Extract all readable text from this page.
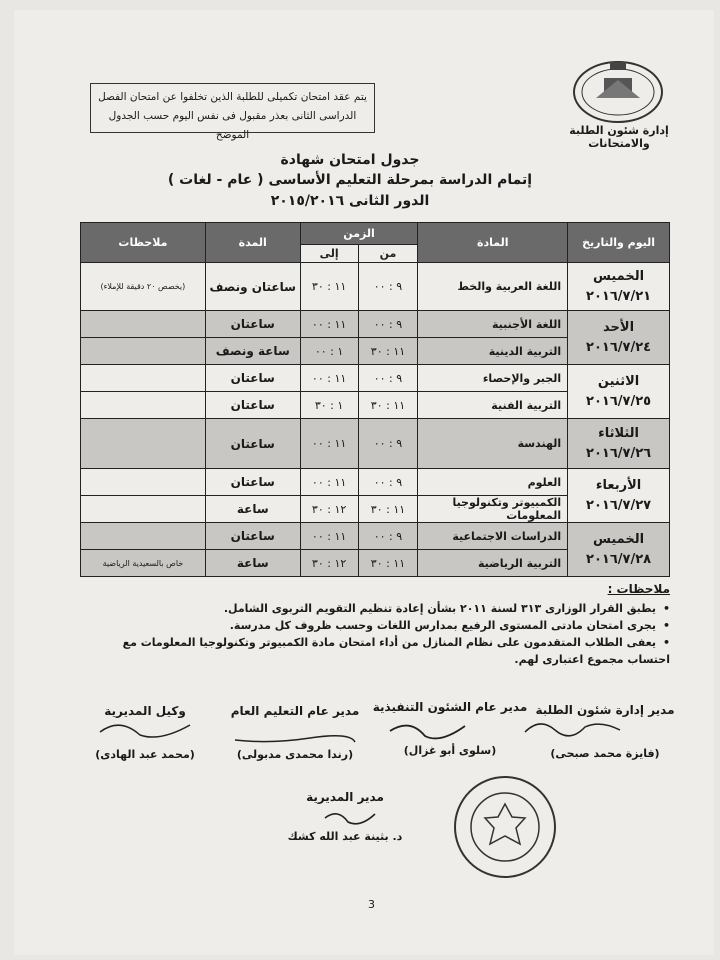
يتم عقد امتحان تكميلى للطلبة الذين تخلفوا عن امتحان الفصل الدراسى الثانى بعذر مقبول فى نفس اليوم حسب الجدول الموضح	إدارة شئون الطلبة والامتحانات
جدول امتحان شهادة
إتمام الدراسة بمرحلة التعليم الأساسى ( عام - لغات )
الدور الثانى ٢٠١٥/٢٠١٦
اليوم والتاريخ	المادة	الزمن		المدة	ملاحظات
		من	إلى		

الخميس
٢٠١٦/٧/٢١	اللغة العربية والخط	٩ : ٠٠	١١ : ٣٠	ساعتان ونصف	(يخصص ٢٠ دقيقة للإملاء)

الأحد
٢٠١٦/٧/٢٤	اللغة الأجنبية	٩ : ٠٠	١١ : ٠٠	ساعتان	
	التربية الدينية	١١ : ٣٠	١ : ٠٠	ساعة ونصف	

الاثنين
٢٠١٦/٧/٢٥	الجبر والإحصاء	٩ : ٠٠	١١ : ٠٠	ساعتان	
	التربية الفنية	١١ : ٣٠	١ : ٣٠	ساعتان	

الثلاثاء
٢٠١٦/٧/٢٦	الهندسة	٩ : ٠٠	١١ : ٠٠	ساعتان	

الأربعاء
٢٠١٦/٧/٢٧	العلوم	٩ : ٠٠	١١ : ٠٠	ساعتان	
	الكمبيوتر وتكنولوجيا المعلومات	١١ : ٣٠	١٢ : ٣٠	ساعة	

الخميس
٢٠١٦/٧/٢٨	الدراسات الاجتماعية	٩ : ٠٠	١١ : ٠٠	ساعتان	
	التربية الرياضية	١١ : ٣٠	١٢ : ٣٠	ساعة	خاص بالسعيدية الرياضية
ملاحظات :
•يطبق القرار الوزارى ٣١٣ لسنة ٢٠١١ بشأن إعادة تنظيم التقويم التربوى الشامل.
•يجرى امتحان مادتى المستوى الرفيع بمدارس اللغات وحسب ظروف كل مدرسة.
•يعفى الطلاب المتقدمون على نظام المنازل من أداء امتحان مادة الكمبيوتر وتكنولوجيا المعلومات مع احتساب مجموع اعتبارى لهم.
مدير إدارة شئون الطلبة
(فايزة محمد صبحى)
مدير عام الشئون التنفيذية
(سلوى أبو غزال)
مدير عام التعليم العام
(رندا محمدى مدبولى)
وكيل المديرية
(محمد عبد الهادى)
مدير المديرية
د. بثينة عبد الله كشك
3
